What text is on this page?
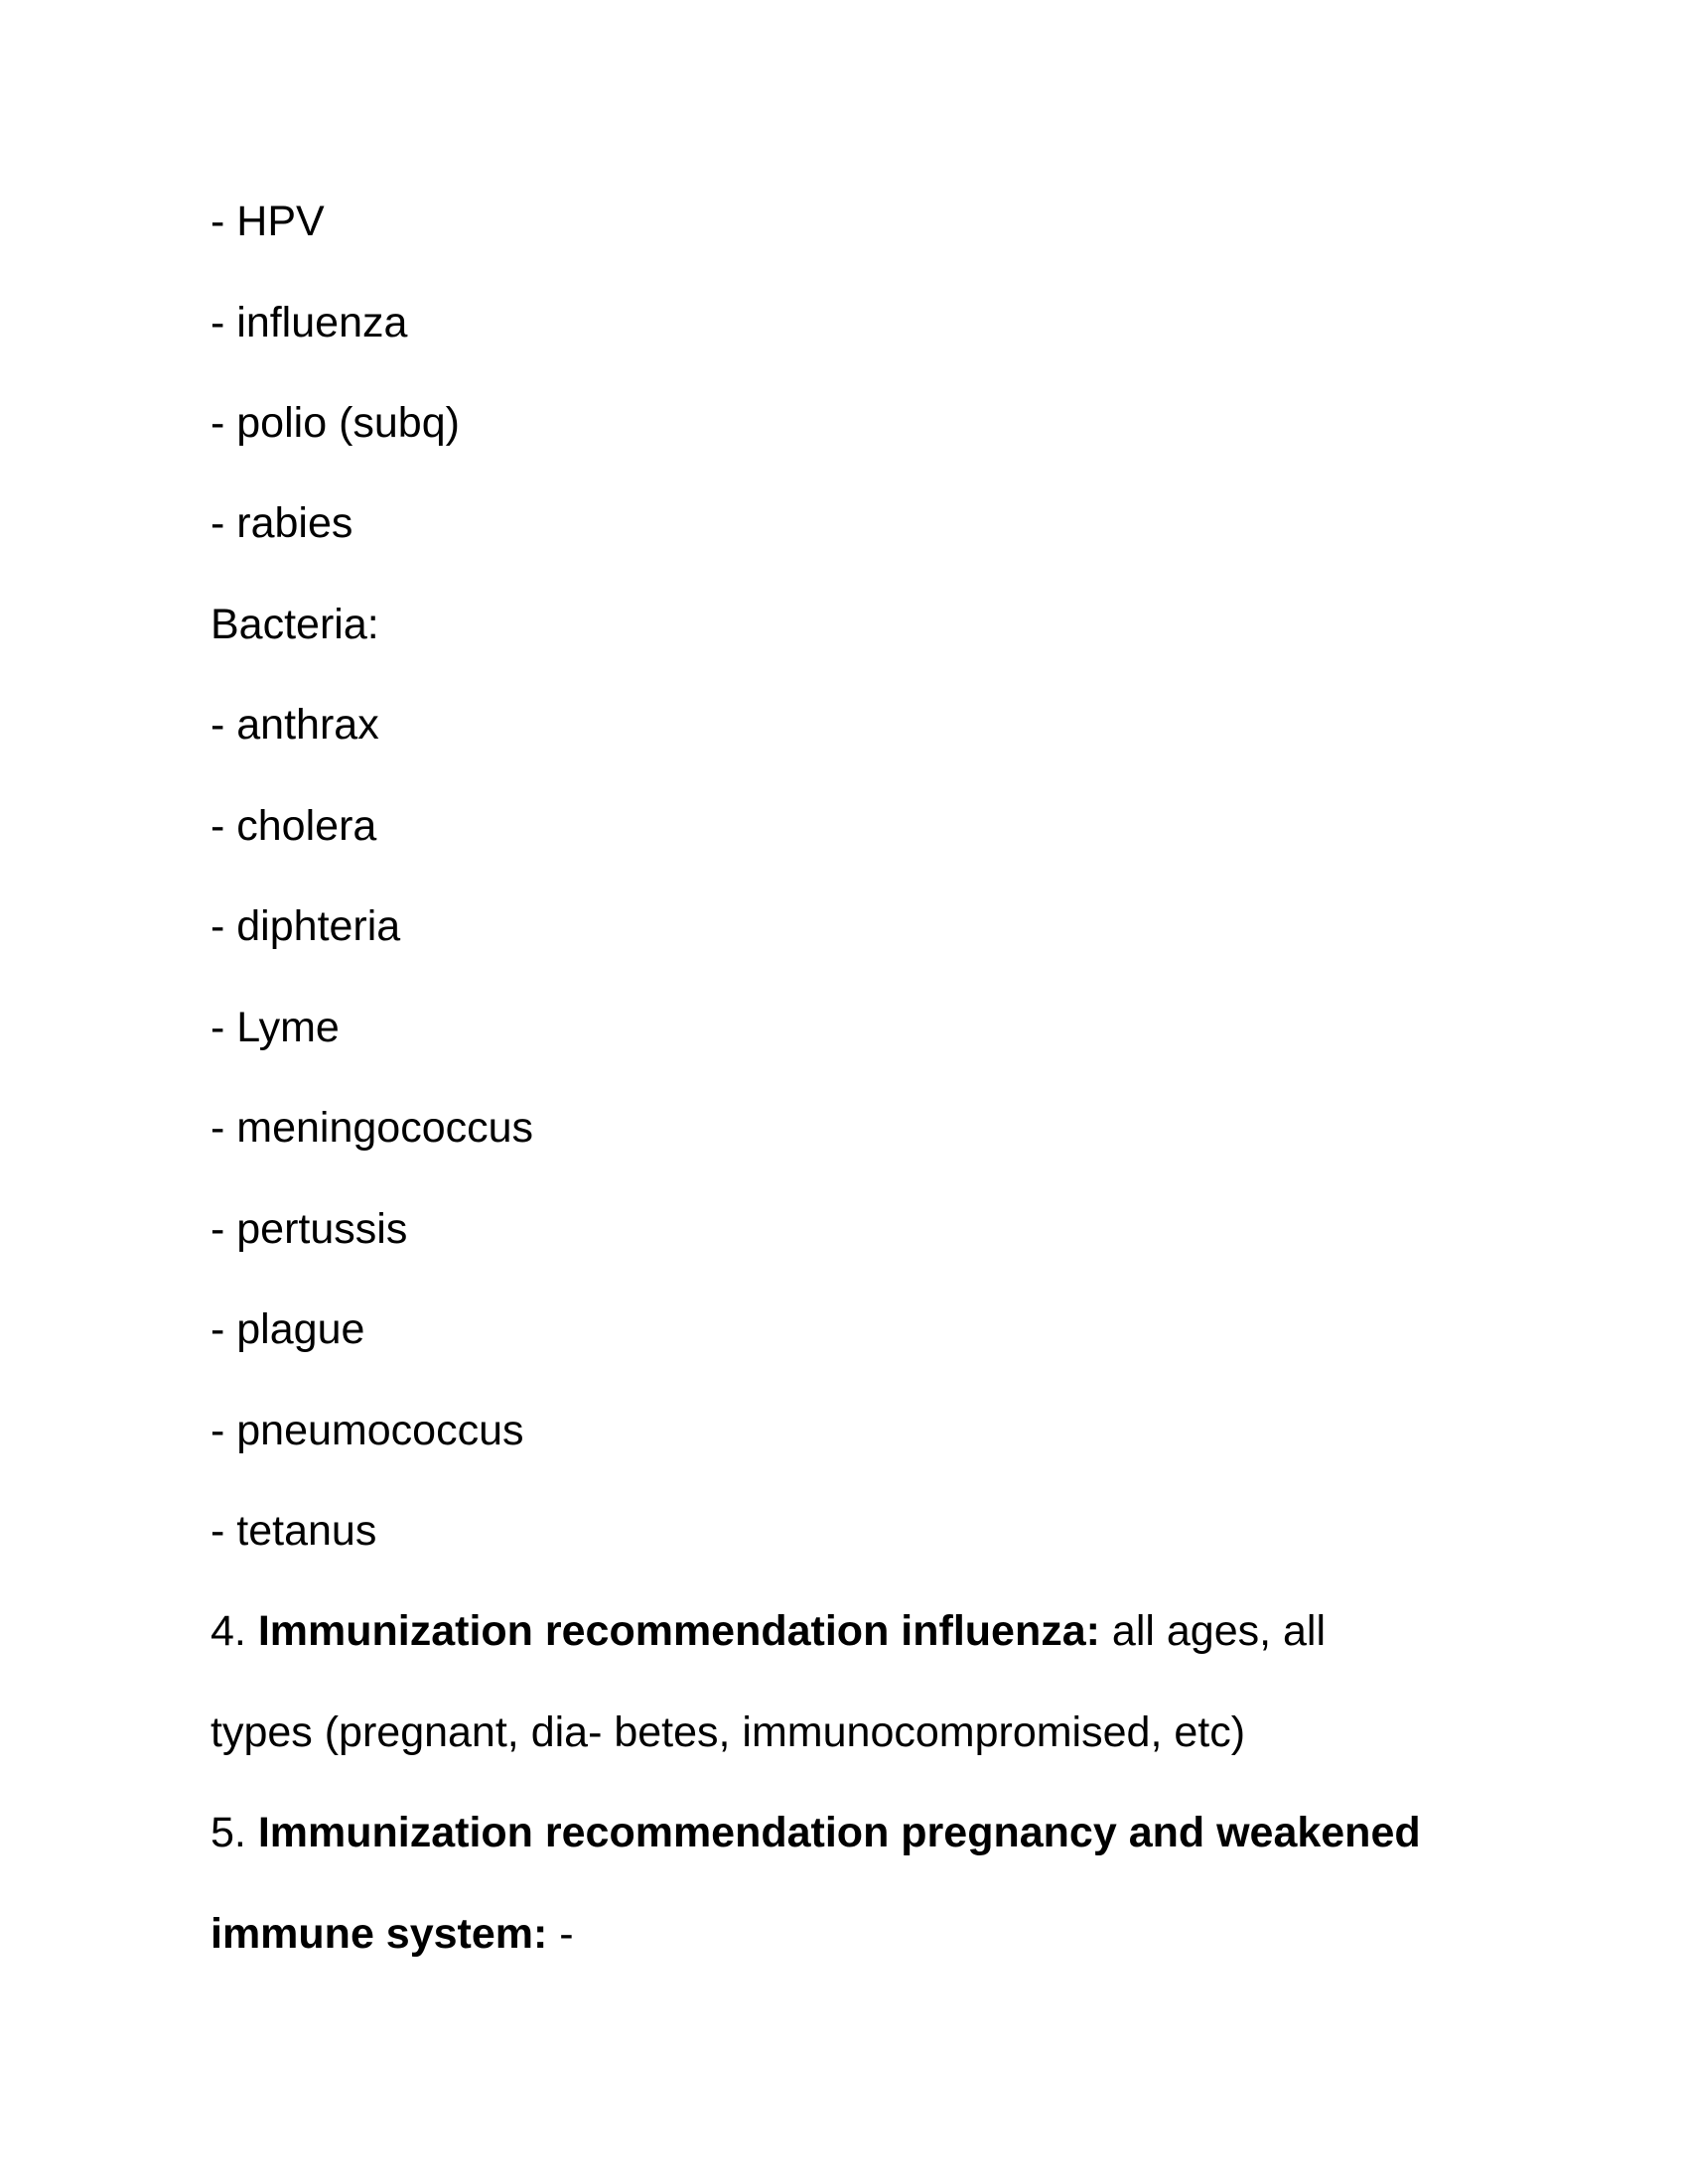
- HPV
- influenza
- polio (subq)
- rabies
Bacteria:
- anthrax
- cholera
- diphteria
- Lyme
- meningococcus
- pertussis
- plague
- pneumococcus
- tetanus
4. Immunization recommendation influenza: all ages, all
types (pregnant, dia- betes, immunocompromised, etc)
5. Immunization recommendation pregnancy and weakened
immune system: -
